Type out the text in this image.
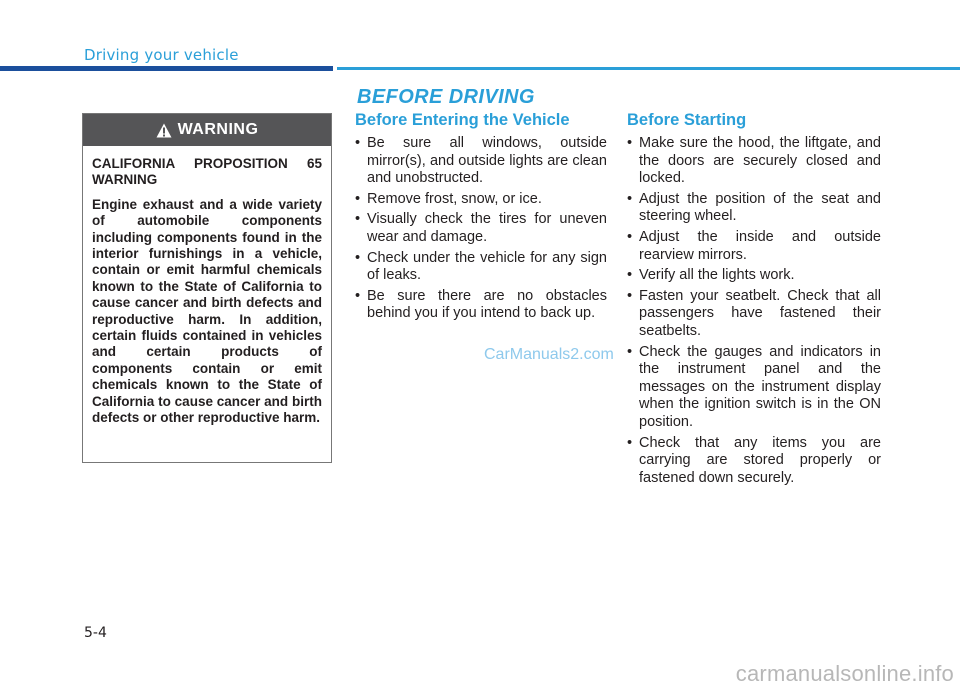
Driving your vehicle
WARNING

CALIFORNIA PROPOSITION 65 WARNING

Engine exhaust and a wide variety of automobile components including components found in the interior furnishings in a vehicle, contain or emit harmful chemicals known to the State of California to cause cancer and birth defects and reproductive harm. In addition, certain fluids contained in vehicles and certain products of components contain or emit chemicals known to the State of California to cause cancer and birth defects or other reproductive harm.

BEFORE DRIVING
Before Entering the Vehicle
• Be sure all windows, outside mirror(s), and outside lights are clean and unobstructed.
• Remove frost, snow, or ice.
• Visually check the tires for uneven wear and damage.
• Check under the vehicle for any sign of leaks.
• Be sure there are no obstacles behind you if you intend to back up.
Before Starting
• Make sure the hood, the liftgate, and the doors are securely closed and locked.
• Adjust the position of the seat and steering wheel.
• Adjust the inside and outside rearview mirrors.
• Verify all the lights work.
• Fasten your seatbelt. Check that all passengers have fastened their seatbelts.
• Check the gauges and indicators in the instrument panel and the messages on the instrument display when the ignition switch is in the ON position.
• Check that any items you are carrying are stored properly or fastened down securely.
CarManuals2.com
5-4
carmanualsonline.info
